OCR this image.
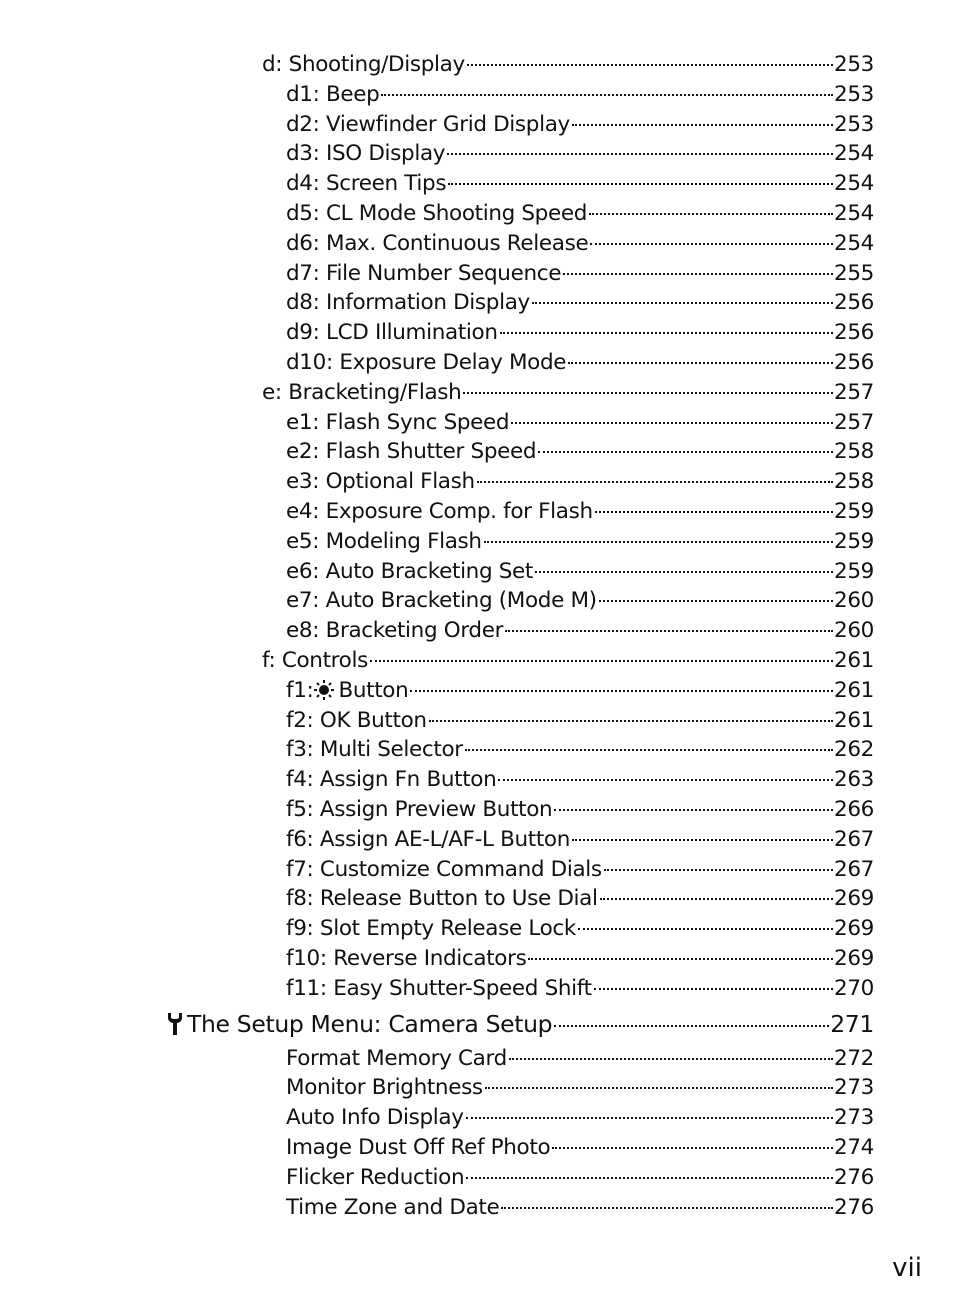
d: Shooting/Display	253
d1: Beep	253
d2: Viewfinder Grid Display	253
d3: ISO Display	254
d4: Screen Tips	254
d5: CL Mode Shooting Speed	254
d6: Max. Continuous Release	254
d7: File Number Sequence	255
d8: Information Display	256
d9: LCD Illumination	256
d10: Exposure Delay Mode	256
e: Bracketing/Flash	257
e1: Flash Sync Speed	257
e2: Flash Shutter Speed	258
e3: Optional Flash	258
e4: Exposure Comp. for Flash	259
e5: Modeling Flash	259
e6: Auto Bracketing Set	259
e7: Auto Bracketing (Mode M)	260
e8: Bracketing Order	260
f: Controls	261
f1: Button	261
f2: OK Button	261
f3: Multi Selector	262
f4: Assign Fn Button	263
f5: Assign Preview Button	266
f6: Assign AE-L/AF-L Button	267
f7: Customize Command Dials	267
f8: Release Button to Use Dial	269
f9: Slot Empty Release Lock	269
f10: Reverse Indicators	269
f11: Easy Shutter-Speed Shift	270
The Setup Menu: Camera Setup	271
Format Memory Card	272
Monitor Brightness	273
Auto Info Display	273
Image Dust Off Ref Photo	274
Flicker Reduction	276
Time Zone and Date	276
vii
